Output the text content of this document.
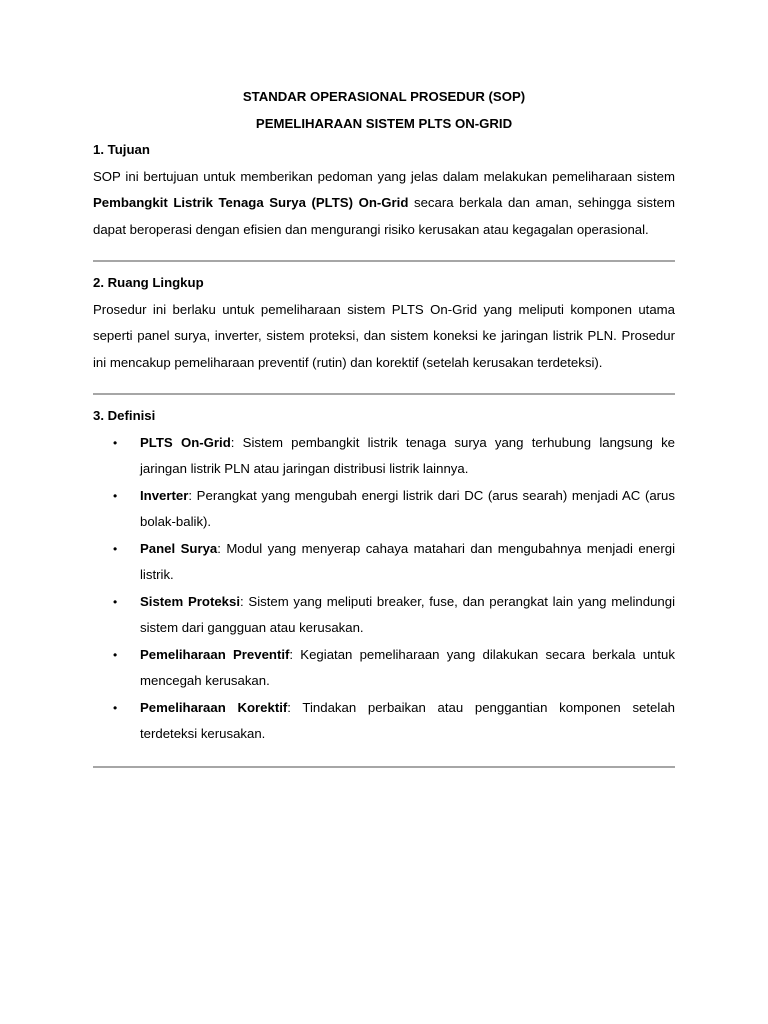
STANDAR OPERASIONAL PROSEDUR (SOP)

PEMELIHARAAN SISTEM PLTS ON-GRID

1. Tujuan

SOP ini bertujuan untuk memberikan pedoman yang jelas dalam melakukan pemeliharaan sistem Pembangkit Listrik Tenaga Surya (PLTS) On-Grid secara berkala dan aman, sehingga sistem dapat beroperasi dengan efisien dan mengurangi risiko kerusakan atau kegagalan operasional.

2. Ruang Lingkup

Prosedur ini berlaku untuk pemeliharaan sistem PLTS On-Grid yang meliputi komponen utama seperti panel surya, inverter, sistem proteksi, dan sistem koneksi ke jaringan listrik PLN. Prosedur ini mencakup pemeliharaan preventif (rutin) dan korektif (setelah kerusakan terdeteksi).

3. Definisi

• PLTS On-Grid: Sistem pembangkit listrik tenaga surya yang terhubung langsung ke jaringan listrik PLN atau jaringan distribusi listrik lainnya.
• Inverter: Perangkat yang mengubah energi listrik dari DC (arus searah) menjadi AC (arus bolak-balik).
• Panel Surya: Modul yang menyerap cahaya matahari dan mengubahnya menjadi energi listrik.
• Sistem Proteksi: Sistem yang meliputi breaker, fuse, dan perangkat lain yang melindungi sistem dari gangguan atau kerusakan.
• Pemeliharaan Preventif: Kegiatan pemeliharaan yang dilakukan secara berkala untuk mencegah kerusakan.
• Pemeliharaan Korektif: Tindakan perbaikan atau penggantian komponen setelah terdeteksi kerusakan.
